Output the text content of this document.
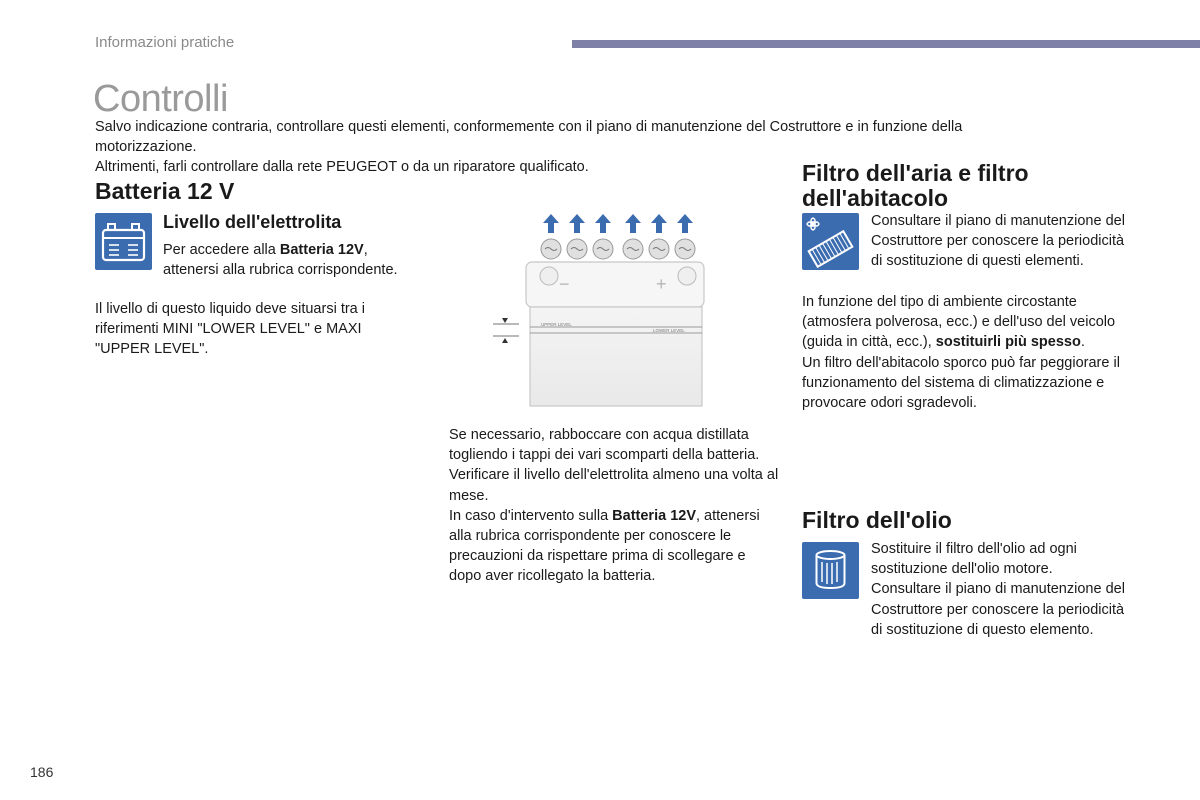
Informazioni pratiche
Controlli

Salvo indicazione contraria, controllare questi elementi, conformemente con il piano di manutenzione del Costruttore e in funzione della motorizzazione.

Altrimenti, farli controllare dalla rete PEUGEOT o da un riparatore qualificato.

Batteria 12 V
Livello dell'elettrolita
Per accedere alla Batteria 12V, attenersi alla rubrica corrispondente.
Il livello di questo liquido deve situarsi tra i riferimenti MINI "LOWER LEVEL" e MAXI "UPPER LEVEL".
UPPER LEVEL
LOWER LEVEL
−	+

Se necessario, rabboccare con acqua distillata togliendo i tappi dei vari scomparti della batteria.

Verificare il livello dell'elettrolita almeno una volta al mese.

In caso d'intervento sulla Batteria 12V, attenersi alla rubrica corrispondente per conoscere le precauzioni da rispettare prima di scollegare e dopo aver ricollegato la batteria.

Filtro dell'aria e filtro dell'abitacolo
Consultare il piano di manutenzione del Costruttore per conoscere la periodicità di sostituzione di questi elementi.

In funzione del tipo di ambiente circostante (atmosfera polverosa, ecc.) e dell'uso del veicolo (guida in città, ecc.), sostituirli più spesso.

Un filtro dell'abitacolo sporco può far peggiorare il funzionamento del sistema di climatizzazione e provocare odori sgradevoli.

Filtro dell'olio

Sostituire il filtro dell'olio ad ogni sostituzione dell'olio motore.

Consultare il piano di manutenzione del Costruttore per conoscere la periodicità di sostituzione di questo elemento.

186
